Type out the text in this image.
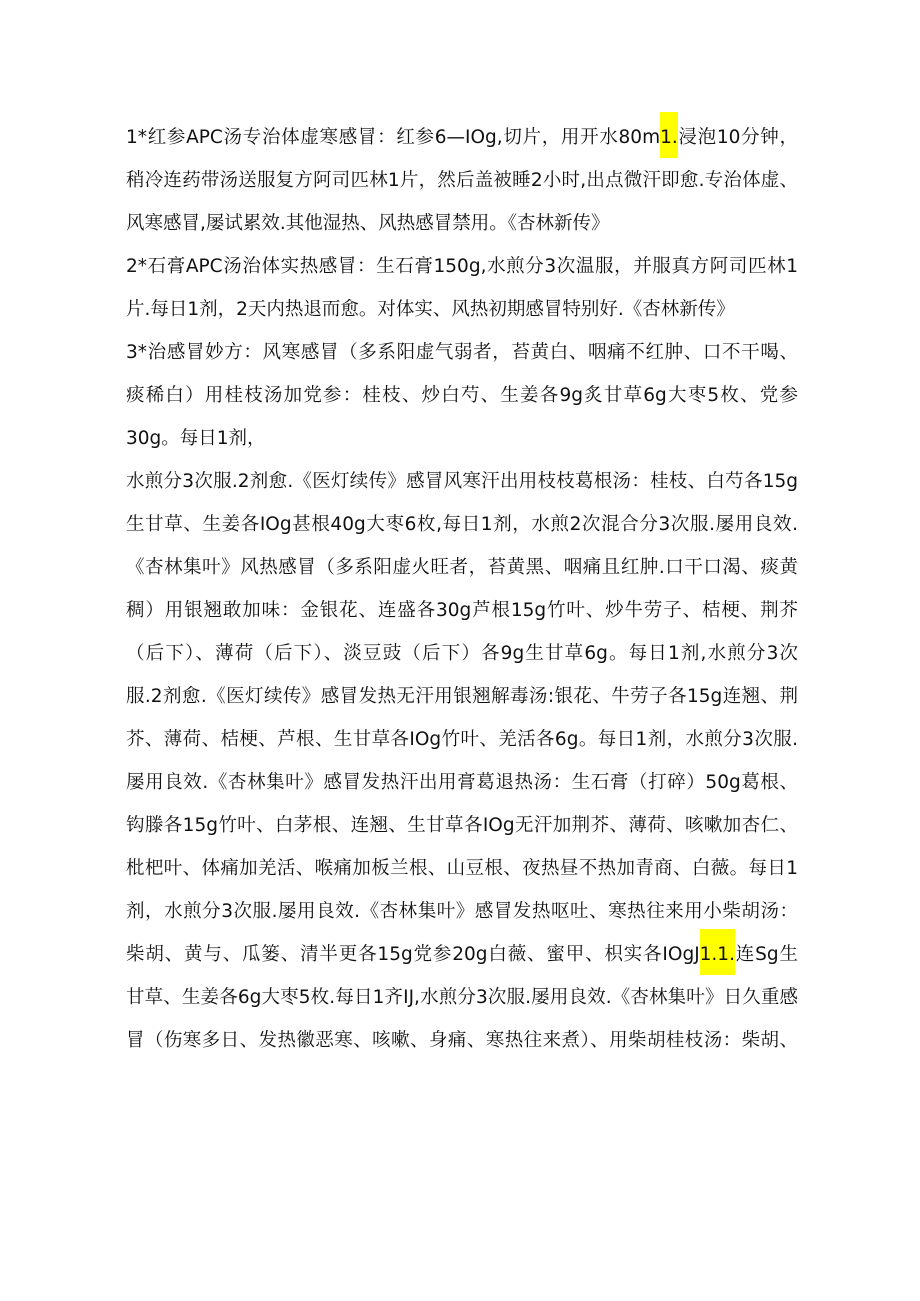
1*红参APC汤专治体虚寒感冒：红参6—IOg,切片，用开水80m1.浸泡10分钟，
稍冷连药带汤送服复方阿司匹林1片，然后盖被睡2小时,出点微汗即愈.专治体虚、
风寒感冒,屡试累效.其他湿热、风热感冒禁用。《杏林新传》
2*石膏APC汤治体实热感冒：生石膏150g,水煎分3次温服，并服真方阿司匹林1
片.每日1剂，2天内热退而愈。对体实、风热初期感冒特别好.《杏林新传》
3*治感冒妙方：风寒感冒（多系阳虚气弱者，苔黄白、咽痛不红肿、口不干喝、
痰稀白）用桂枝汤加党参：桂枝、炒白芍、生姜各9g炙甘草6g大枣5枚、党参
30g。每日1剂，
水煎分3次服.2剂愈.《医灯续传》感冒风寒汗出用枝枝葛根汤：桂枝、白芍各15g
生甘草、生姜各IOg甚根40g大枣6枚,每日1剂，水煎2次混合分3次服.屡用良效.
《杏林集叶》风热感冒（多系阳虚火旺者，苔黄黑、咽痛且红肿.口干口渴、痰黄
稠）用银翘敢加味：金银花、连盛各30g芦根15g竹叶、炒牛劳子、桔梗、荆芥
（后下）、薄荷（后下）、淡豆豉（后下）各9g生甘草6g。每日1剂,水煎分3次
服.2剂愈.《医灯续传》感冒发热无汗用银翘解毒汤:银花、牛劳子各15g连翘、荆
芥、薄荷、桔梗、芦根、生甘草各IOg竹叶、羌活各6g。每日1剂，水煎分3次服.
屡用良效.《杏林集叶》感冒发热汗出用膏葛退热汤：生石膏（打碎）50g葛根、
钩滕各15g竹叶、白茅根、连翘、生甘草各IOg无汗加荆芥、薄荷、咳嗽加杏仁、
枇杷叶、体痛加羌活、喉痛加板兰根、山豆根、夜热昼不热加青商、白薇。每日1
剂，水煎分3次服.屡用良效.《杏林集叶》感冒发热呕吐、寒热往来用小柴胡汤：
柴胡、黄与、瓜篓、清半更各15g党参20g白薇、蜜甲、枳实各IOgJ1.1.连Sg生
甘草、生姜各6g大枣5枚.每日1齐IJ,水煎分3次服.屡用良效.《杏林集叶》日久重感
冒（伤寒多日、发热徽恶寒、咳嗽、身痛、寒热往来煮）、用柴胡桂枝汤：柴胡、
